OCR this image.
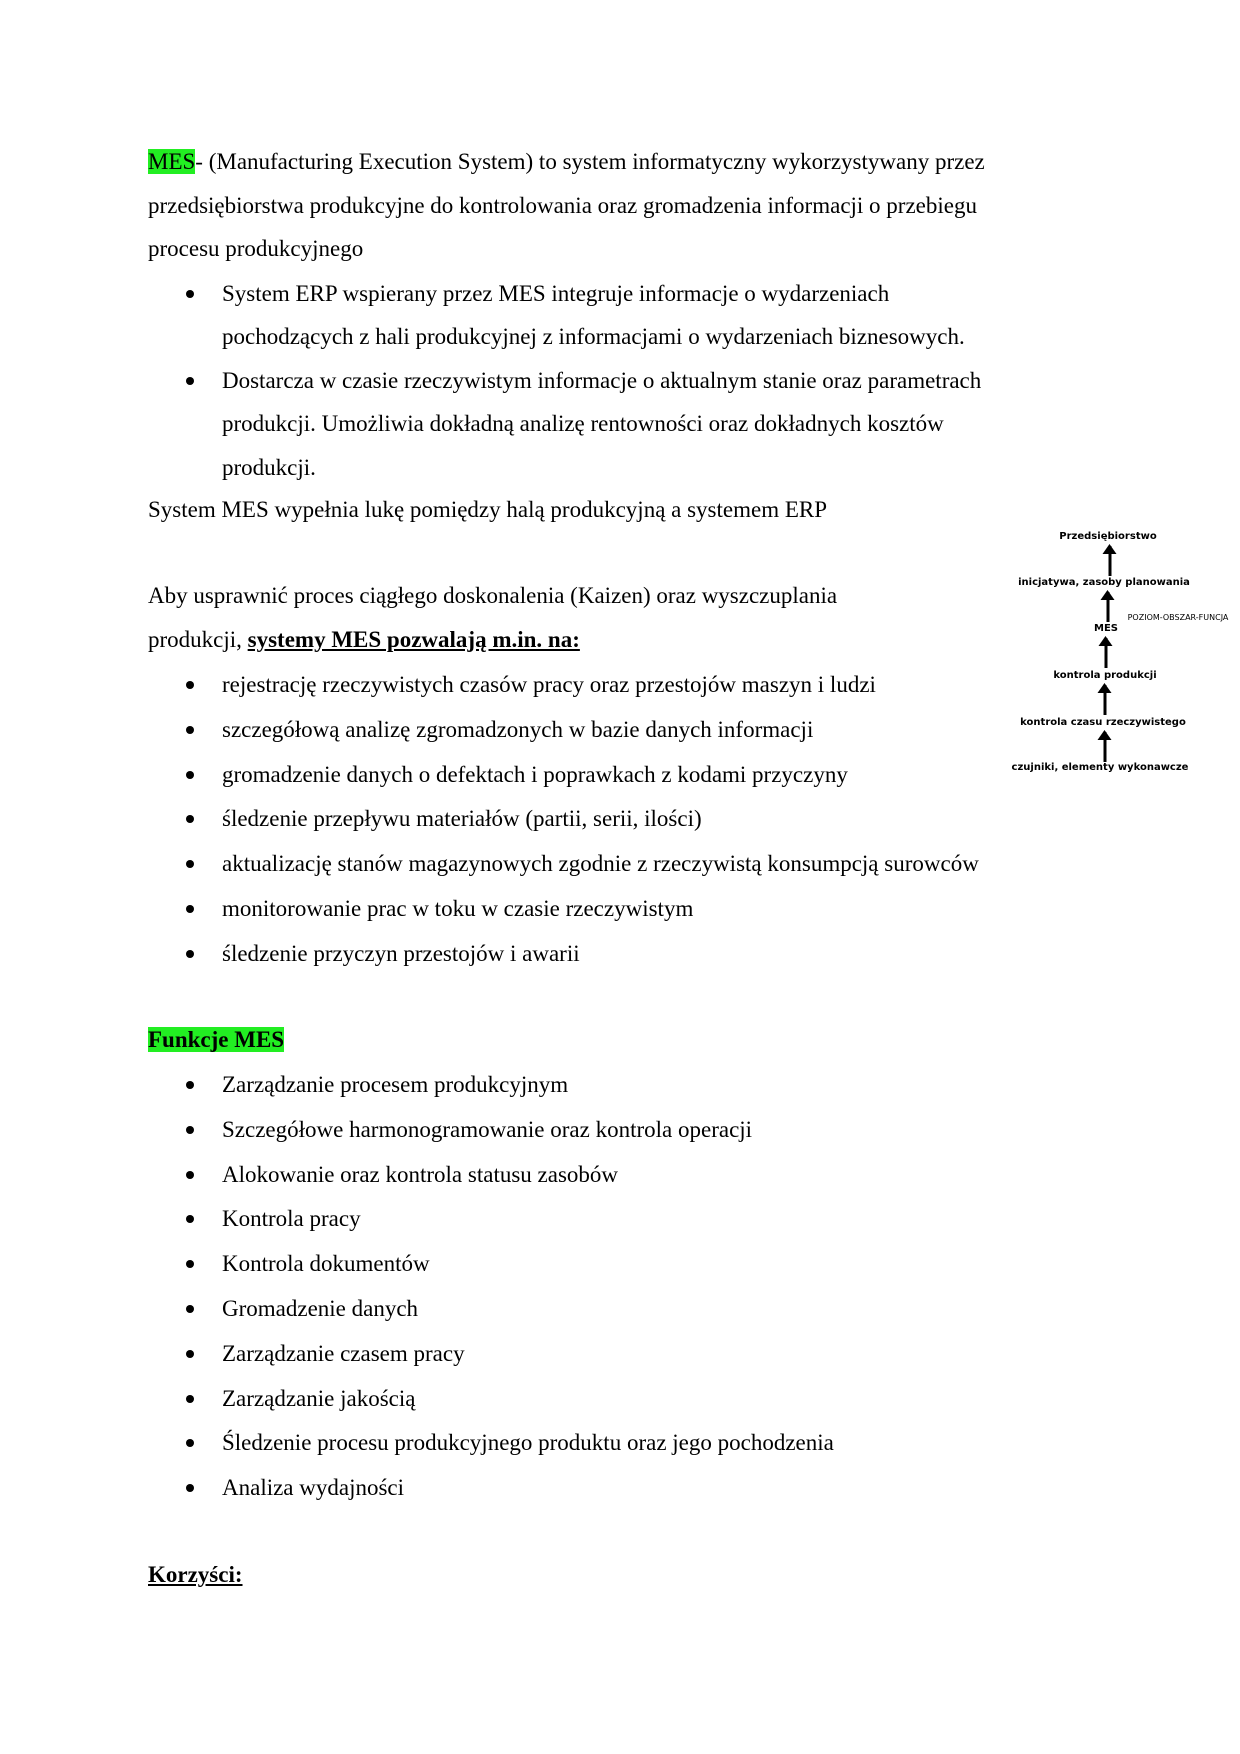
MES- (Manufacturing Execution System) to system informatyczny wykorzystywany przez
przedsiębiorstwa produkcyjne do kontrolowania oraz gromadzenia informacji o przebiegu
procesu produkcyjnego
System ERP wspierany przez MES integruje informacje o wydarzeniach
pochodzących z hali produkcyjnej z informacjami o wydarzeniach biznesowych.
Dostarcza w czasie rzeczywistym informacje o aktualnym stanie oraz parametrach
produkcji. Umożliwia dokładną analizę rentowności oraz dokładnych kosztów
produkcji.
System MES wypełnia lukę pomiędzy halą produkcyjną a systemem ERP
Aby usprawnić proces ciągłego doskonalenia (Kaizen) oraz wyszczuplania
produkcji, systemy MES pozwalają m.in. na:
rejestrację rzeczywistych czasów pracy oraz przestojów maszyn i ludzi
szczegółową analizę zgromadzonych w bazie danych informacji
gromadzenie danych o defektach i poprawkach z kodami przyczyny
śledzenie przepływu materiałów (partii, serii, ilości)
aktualizację stanów magazynowych zgodnie z rzeczywistą konsumpcją surowców
monitorowanie prac w toku w czasie rzeczywistym
śledzenie przyczyn przestojów i awarii
Funkcje MES
Zarządzanie procesem produkcyjnym
Szczegółowe harmonogramowanie oraz kontrola operacji
Alokowanie oraz kontrola statusu zasobów
Kontrola pracy
Kontrola dokumentów
Gromadzenie danych
Zarządzanie czasem pracy
Zarządzanie jakością
Śledzenie procesu produkcyjnego produktu oraz jego pochodzenia
Analiza wydajności
Korzyści:
Przedsiębiorstwo
inicjatywa, zasoby planowania
POZIOM-OBSZAR-FUNCJA
MES
kontrola produkcji
kontrola czasu rzeczywistego
czujniki, elementy wykonawcze
